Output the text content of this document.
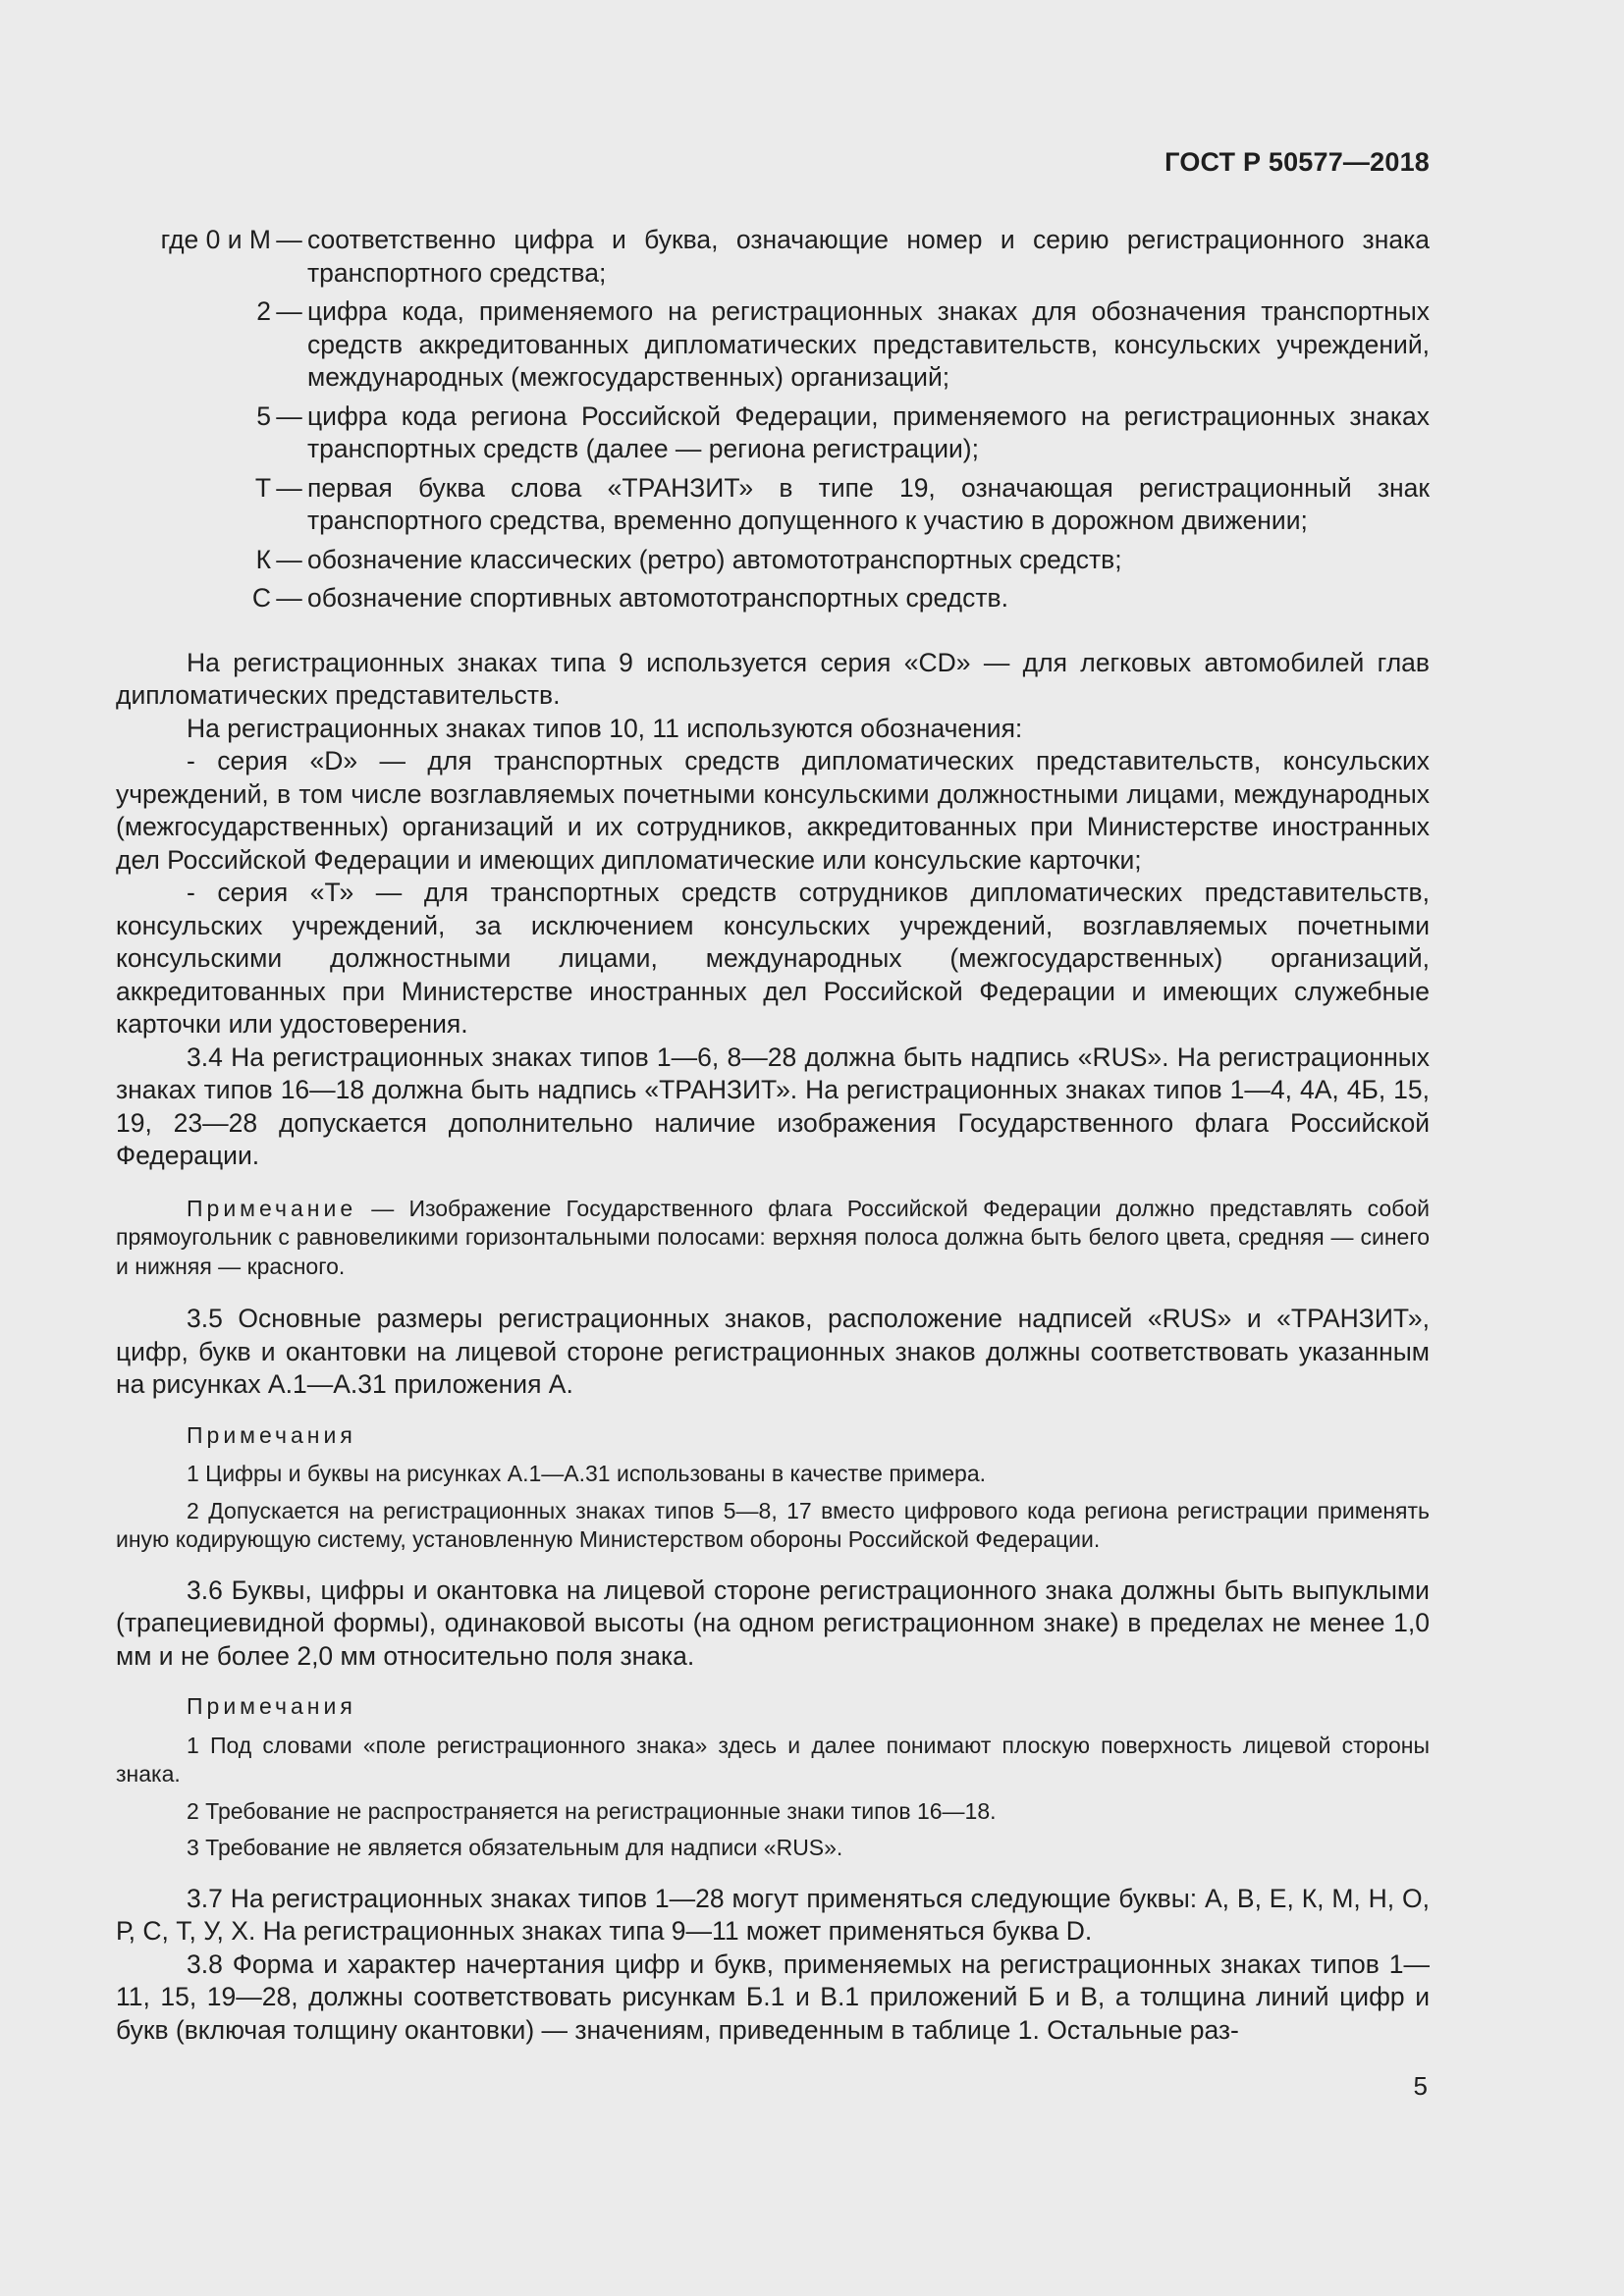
ГОСТ Р 50577—2018
где 0 и М — соответственно цифра и буква, означающие номер и серию регистрационного знака транспортного средства;
2 — цифра кода, применяемого на регистрационных знаках для обозначения транспортных средств аккредитованных дипломатических представительств, консульских учреждений, международных (межгосударственных) организаций;
5 — цифра кода региона Российской Федерации, применяемого на регистрационных знаках транспортных средств (далее — региона регистрации);
Т — первая буква слова «ТРАНЗИТ» в типе 19, означающая регистрационный знак транспортного средства, временно допущенного к участию в дорожном движении;
К — обозначение классических (ретро) автомототранспортных средств;
С — обозначение спортивных автомототранспортных средств.

На регистрационных знаках типа 9 используется серия «CD» — для легковых автомобилей глав дипломатических представительств.

На регистрационных знаках типов 10, 11 используются обозначения:

- серия «D» — для транспортных средств дипломатических представительств, консульских учреждений, в том числе возглавляемых почетными консульскими должностными лицами, международных (межгосударственных) организаций и их сотрудников, аккредитованных при Министерстве иностранных дел Российской Федерации и имеющих дипломатические или консульские карточки;

- серия «Т» — для транспортных средств сотрудников дипломатических представительств, консульских учреждений, за исключением консульских учреждений, возглавляемых почетными консульскими должностными лицами, международных (межгосударственных) организаций, аккредитованных при Министерстве иностранных дел Российской Федерации и имеющих служебные карточки или удостоверения.

3.4 На регистрационных знаках типов 1—6, 8—28 должна быть надпись «RUS». На регистрационных знаках типов 16—18 должна быть надпись «ТРАНЗИТ». На регистрационных знаках типов 1—4, 4А, 4Б, 15, 19, 23—28 допускается дополнительно наличие изображения Государственного флага Российской Федерации.

Примечание — Изображение Государственного флага Российской Федерации должно представлять собой прямоугольник с равновеликими горизонтальными полосами: верхняя полоса должна быть белого цвета, средняя — синего и нижняя — красного.

3.5 Основные размеры регистрационных знаков, расположение надписей «RUS» и «ТРАНЗИТ», цифр, букв и окантовки на лицевой стороне регистрационных знаков должны соответствовать указанным на рисунках А.1—А.31 приложения А.

Примечания

1 Цифры и буквы на рисунках А.1—А.31 использованы в качестве примера.

2 Допускается на регистрационных знаках типов 5—8, 17 вместо цифрового кода региона регистрации применять иную кодирующую систему, установленную Министерством обороны Российской Федерации.

3.6 Буквы, цифры и окантовка на лицевой стороне регистрационного знака должны быть выпуклыми (трапециевидной формы), одинаковой высоты (на одном регистрационном знаке) в пределах не менее 1,0 мм и не более 2,0 мм относительно поля знака.

Примечания

1 Под словами «поле регистрационного знака» здесь и далее понимают плоскую поверхность лицевой стороны знака.

2 Требование не распространяется на регистрационные знаки типов 16—18.

3 Требование не является обязательным для надписи «RUS».

3.7 На регистрационных знаках типов 1—28 могут применяться следующие буквы: А, В, Е, К, М, Н, О, Р, С, Т, У, Х. На регистрационных знаках типа 9—11 может применяться буква D.

3.8 Форма и характер начертания цифр и букв, применяемых на регистрационных знаках типов 1—11, 15, 19—28, должны соответствовать рисункам Б.1 и В.1 приложений Б и В, а толщина линий цифр и букв (включая толщину окантовки) — значениям, приведенным в таблице 1. Остальные раз-

5
